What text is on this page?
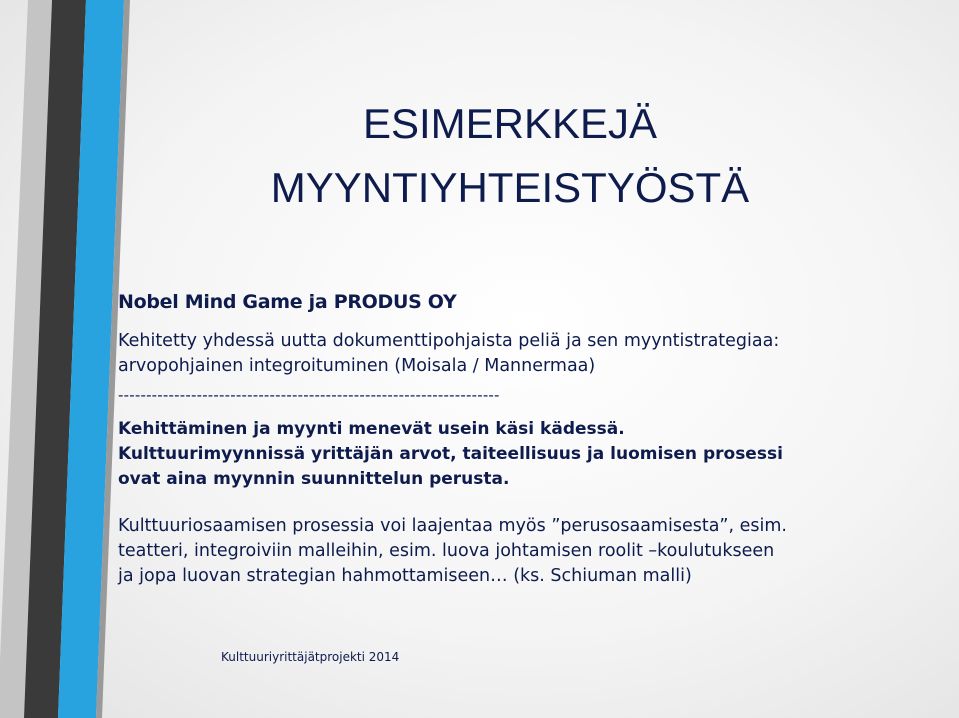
ESIMERKKEJÄ
MYYNTIYHTEISTYÖSTÄ

Nobel Mind Game ja PRODUS OY

Kehitetty yhdessä uutta dokumenttipohjaista peliä ja sen myyntistrategiaa:
arvopohjainen integroituminen (Moisala / Mannermaa)

--------------------------------------------------------------------

Kehittäminen ja myynti menevät usein käsi kädessä.
Kulttuurimyynnissä yrittäjän arvot, taiteellisuus ja luomisen prosessi
ovat aina myynnin suunnittelun perusta.

Kulttuuriosaamisen prosessia voi laajentaa myös ”perusosaamisesta”, esim.
teatteri, integroiviin malleihin, esim. luova johtamisen roolit –koulutukseen
ja jopa luovan strategian hahmottamiseen… (ks. Schiuman malli)

Kulttuuriyrittäjätprojekti 2014
